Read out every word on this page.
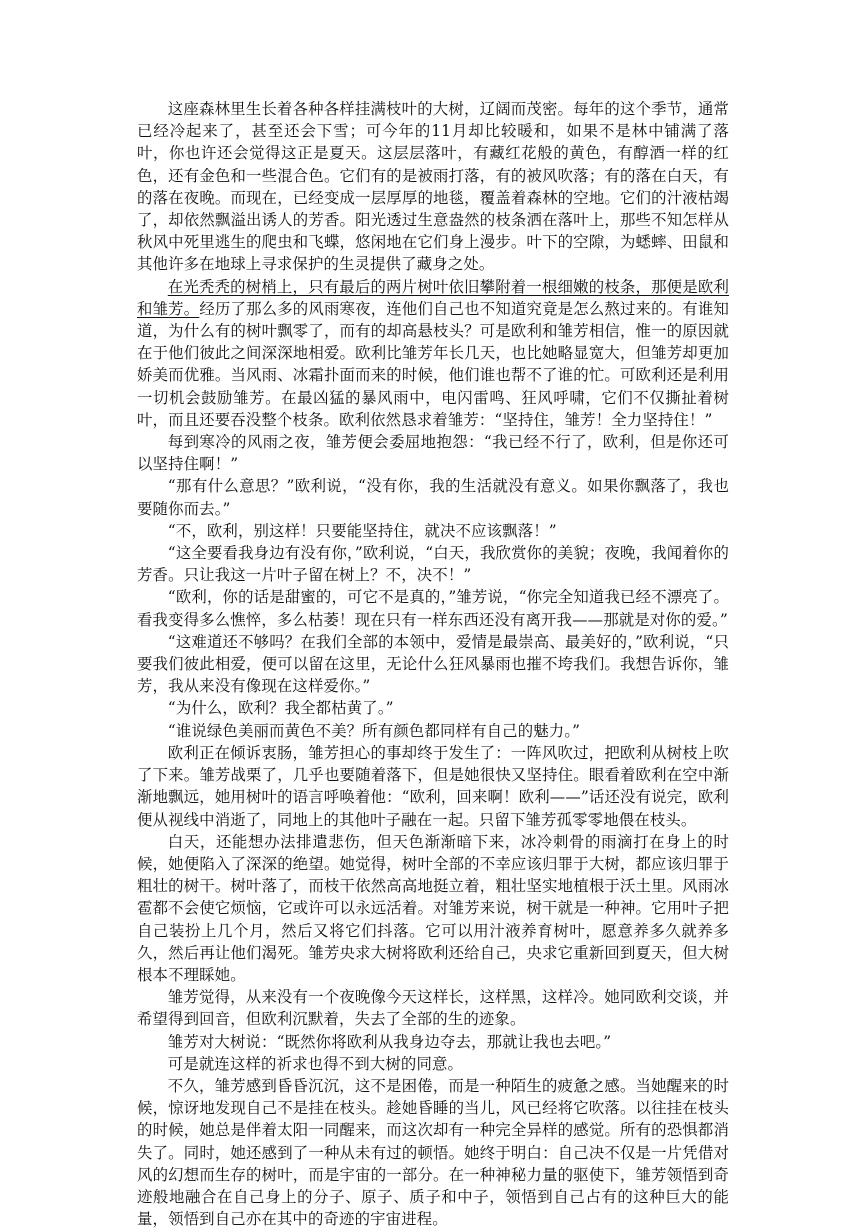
这座森林里生长着各种各样挂满枝叶的大树，辽阔而茂密。每年的这个季节，通常已经冷起来了，甚至还会下雪；可今年的11月却比较暖和，如果不是林中铺满了落叶，你也许还会觉得这正是夏天。这层层落叶，有藏红花般的黄色，有醇酒一样的红色，还有金色和一些混合色。它们有的是被雨打落，有的被风吹落；有的落在白天，有的落在夜晚。而现在，已经变成一层厚厚的地毯，覆盖着森林的空地。它们的汁液枯竭了，却依然飘溢出诱人的芳香。阳光透过生意盎然的枝条洒在落叶上，那些不知怎样从秋风中死里逃生的爬虫和飞蝶，悠闲地在它们身上漫步。叶下的空隙，为蟋蟀、田鼠和其他许多在地球上寻求保护的生灵提供了藏身之处。

在光秃秃的树梢上，只有最后的两片树叶依旧攀附着一根细嫩的枝条，那便是欧利和雏芳。经历了那么多的风雨寒夜，连他们自己也不知道究竟是怎么熬过来的。有谁知道，为什么有的树叶飘零了，而有的却高悬枝头？可是欧利和雏芳相信，惟一的原因就在于他们彼此之间深深地相爱。欧利比雏芳年长几天，也比她略显宽大，但雏芳却更加娇美而优雅。当风雨、冰霜扑面而来的时候，他们谁也帮不了谁的忙。可欧利还是利用一切机会鼓励雏芳。在最凶猛的暴风雨中，电闪雷鸣、狂风呼啸，它们不仅撕扯着树叶，而且还要吞没整个枝条。欧利依然恳求着雏芳：“坚持住，雏芳！全力坚持住！”

每到寒冷的风雨之夜，雏芳便会委屈地抱怨：“我已经不行了，欧利，但是你还可以坚持住啊！”

“那有什么意思？”欧利说，“没有你，我的生活就没有意义。如果你飘落了，我也要随你而去。”

“不，欧利，别这样！只要能坚持住，就决不应该飘落！”

“这全要看我身边有没有你，”欧利说，“白天，我欣赏你的美貌；夜晚，我闻着你的芳香。只让我这一片叶子留在树上？不，决不！”

“欧利，你的话是甜蜜的，可它不是真的，”雏芳说，“你完全知道我已经不漂亮了。看我变得多么憔悴，多么枯萎！现在只有一样东西还没有离开我——那就是对你的爱。”

“这难道还不够吗？在我们全部的本领中，爱情是最崇高、最美好的，”欧利说，“只要我们彼此相爱，便可以留在这里，无论什么狂风暴雨也摧不垮我们。我想告诉你，雏芳，我从来没有像现在这样爱你。”

“为什么，欧利？我全都枯黄了。”

“谁说绿色美丽而黄色不美？所有颜色都同样有自己的魅力。”

欧利正在倾诉衷肠，雏芳担心的事却终于发生了：一阵风吹过，把欧利从树枝上吹了下来。雏芳战栗了，几乎也要随着落下，但是她很快又坚持住。眼看着欧利在空中渐渐地飘远，她用树叶的语言呼唤着他：“欧利，回来啊！欧利——”话还没有说完，欧利便从视线中消逝了，同地上的其他叶子融在一起。只留下雏芳孤零零地偎在枝头。

白天，还能想办法排遣悲伤，但天色渐渐暗下来，冰冷刺骨的雨滴打在身上的时候，她便陷入了深深的绝望。她觉得，树叶全部的不幸应该归罪于大树，都应该归罪于粗壮的树干。树叶落了，而枝干依然高高地挺立着，粗壮坚实地植根于沃土里。风雨冰雹都不会使它烦恼，它或许可以永远活着。对雏芳来说，树干就是一种神。它用叶子把自己装扮上几个月，然后又将它们抖落。它可以用汁液养育树叶，愿意养多久就养多久，然后再让他们渴死。雏芳央求大树将欧利还给自己，央求它重新回到夏天，但大树根本不理睬她。

雏芳觉得，从来没有一个夜晚像今天这样长，这样黑，这样冷。她同欧利交谈，并希望得到回音，但欧利沉默着，失去了全部的生的迹象。

雏芳对大树说：“既然你将欧利从我身边夺去，那就让我也去吧。”

可是就连这样的祈求也得不到大树的同意。

不久，雏芳感到昏昏沉沉，这不是困倦，而是一种陌生的疲惫之感。当她醒来的时候，惊讶地发现自己不是挂在枝头。趁她昏睡的当儿，风已经将它吹落。以往挂在枝头的时候，她总是伴着太阳一同醒来，而这次却有一种完全异样的感觉。所有的恐惧都消失了。同时，她还感到了一种从未有过的顿悟。她终于明白：自己决不仅是一片凭借对风的幻想而生存的树叶，而是宇宙的一部分。在一种神秘力量的驱使下，雏芳领悟到奇迹般地融合在自己身上的分子、原子、质子和中子，领悟到自己占有的这种巨大的能量，领悟到自己亦在其中的奇迹的宇宙进程。
